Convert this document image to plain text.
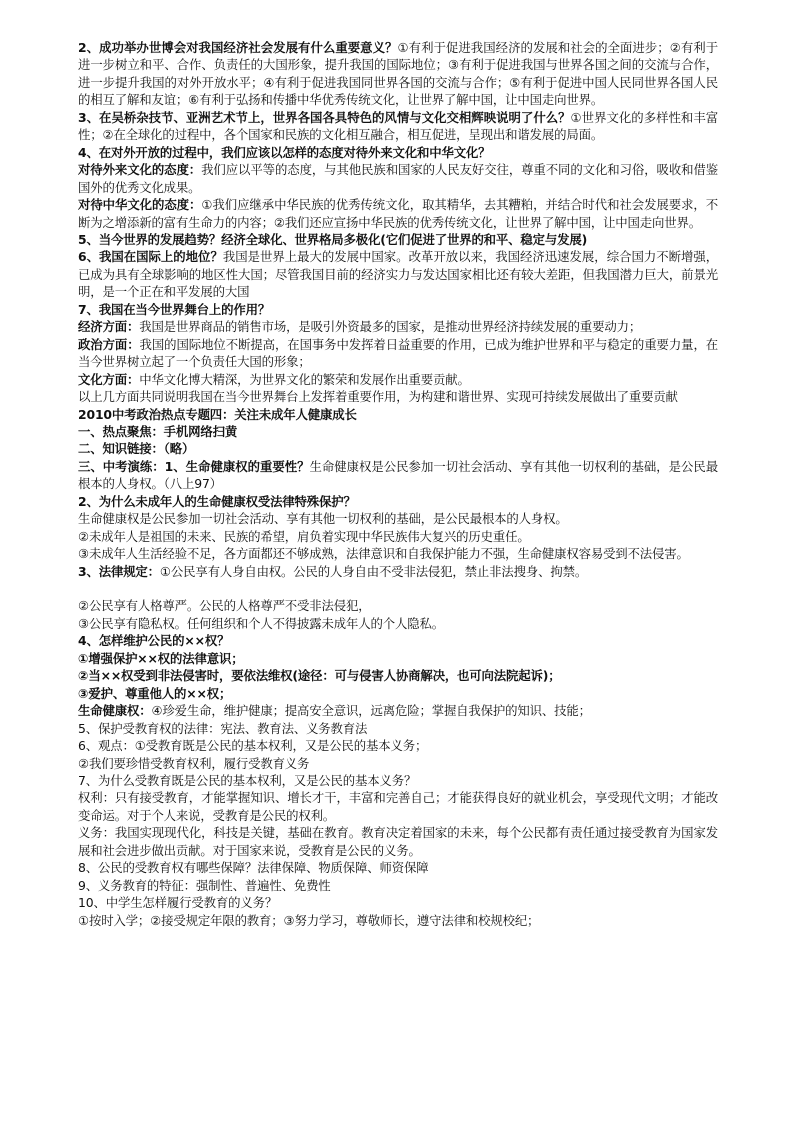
2、成功举办世博会对我国经济社会发展有什么重要意义？①有利于促进我国经济的发展和社会的全面进步；②有利于进一步树立和平、合作、负责任的大国形象，提升我国的国际地位；③有利于促进我国与世界各国之间的交流与合作，进一步提升我国的对外开放水平；④有利于促进我国同世界各国的交流与合作；⑤有利于促进中国人民同世界各国人民的相互了解和友谊；⑥有利于弘扬和传播中华优秀传统文化，让世界了解中国，让中国走向世界。

3、在吴桥杂技节、亚洲艺术节上，世界各国各具特色的风情与文化交相辉映说明了什么？①世界文化的多样性和丰富性；②在全球化的过程中，各个国家和民族的文化相互融合，相互促进，呈现出和谐发展的局面。

4、在对外开放的过程中，我们应该以怎样的态度对待外来文化和中华文化？

对待外来文化的态度：我们应以平等的态度，与其他民族和国家的人民友好交往，尊重不同的文化和习俗，吸收和借鉴国外的优秀文化成果。

对待中华文化的态度：①我们应继承中华民族的优秀传统文化，取其精华，去其糟粕，并结合时代和社会发展要求，不断为之增添新的富有生命力的内容；②我们还应宣扬中华民族的优秀传统文化，让世界了解中国，让中国走向世界。

5、当今世界的发展趋势？经济全球化、世界格局多极化(它们促进了世界的和平、稳定与发展)

6、我国在国际上的地位？我国是世界上最大的发展中国家。改革开放以来，我国经济迅速发展，综合国力不断增强，已成为具有全球影响的地区性大国；尽管我国目前的经济实力与发达国家相比还有较大差距，但我国潜力巨大，前景光明，是一个正在和平发展的大国

7、我国在当今世界舞台上的作用？

经济方面：我国是世界商品的销售市场，是吸引外资最多的国家，是推动世界经济持续发展的重要动力；

政治方面：我国的国际地位不断提高，在国事务中发挥着日益重要的作用，已成为维护世界和平与稳定的重要力量，在当今世界树立起了一个负责任大国的形象；

文化方面：中华文化博大精深，为世界文化的繁荣和发展作出重要贡献。

以上几方面共同说明我国在当今世界舞台上发挥着重要作用，为构建和谐世界、实现可持续发展做出了重要贡献

2010中考政治热点专题四：关注未成年人健康成长

一、热点聚焦：手机网络扫黄

二、知识链接：（略）

三、中考演练：1、生命健康权的重要性？生命健康权是公民参加一切社会活动、享有其他一切权利的基础，是公民最根本的人身权。（八上97）

2、为什么未成年人的生命健康权受法律特殊保护？

生命健康权是公民参加一切社会活动、享有其他一切权利的基础，是公民最根本的人身权。

②未成年人是祖国的未来、民族的希望，肩负着实现中华民族伟大复兴的历史重任。

③未成年人生活经验不足，各方面都还不够成熟，法律意识和自我保护能力不强，生命健康权容易受到不法侵害。

3、法律规定：①公民享有人身自由权。公民的人身自由不受非法侵犯，禁止非法搜身、拘禁。

②公民享有人格尊严。公民的人格尊严不受非法侵犯，

③公民享有隐私权。任何组织和个人不得披露未成年人的个人隐私。

4、怎样维护公民的××权？

①增强保护××权的法律意识；

②当××权受到非法侵害时，要依法维权(途径：可与侵害人协商解决，也可向法院起诉)；

③爱护、尊重他人的××权；

生命健康权：④珍爱生命，维护健康；提高安全意识，远离危险；掌握自我保护的知识、技能；

5、保护受教育权的法律：宪法、教育法、义务教育法

6、观点：①受教育既是公民的基本权利，又是公民的基本义务；

②我们要珍惜受教育权利，履行受教育义务

7、为什么受教育既是公民的基本权利，又是公民的基本义务？

权利：只有接受教育，才能掌握知识、增长才干，丰富和完善自己；才能获得良好的就业机会，享受现代文明；才能改变命运。对于个人来说，受教育是公民的权利。

义务：我国实现现代化，科技是关键，基础在教育。教育决定着国家的未来，每个公民都有责任通过接受教育为国家发展和社会进步做出贡献。对于国家来说，受教育是公民的义务。

8、公民的受教育权有哪些保障？法律保障、物质保障、师资保障

9、义务教育的特征：强制性、普遍性、免费性

10、中学生怎样履行受教育的义务？

①按时入学；②接受规定年限的教育；③努力学习，尊敬师长，遵守法律和校规校纪；
